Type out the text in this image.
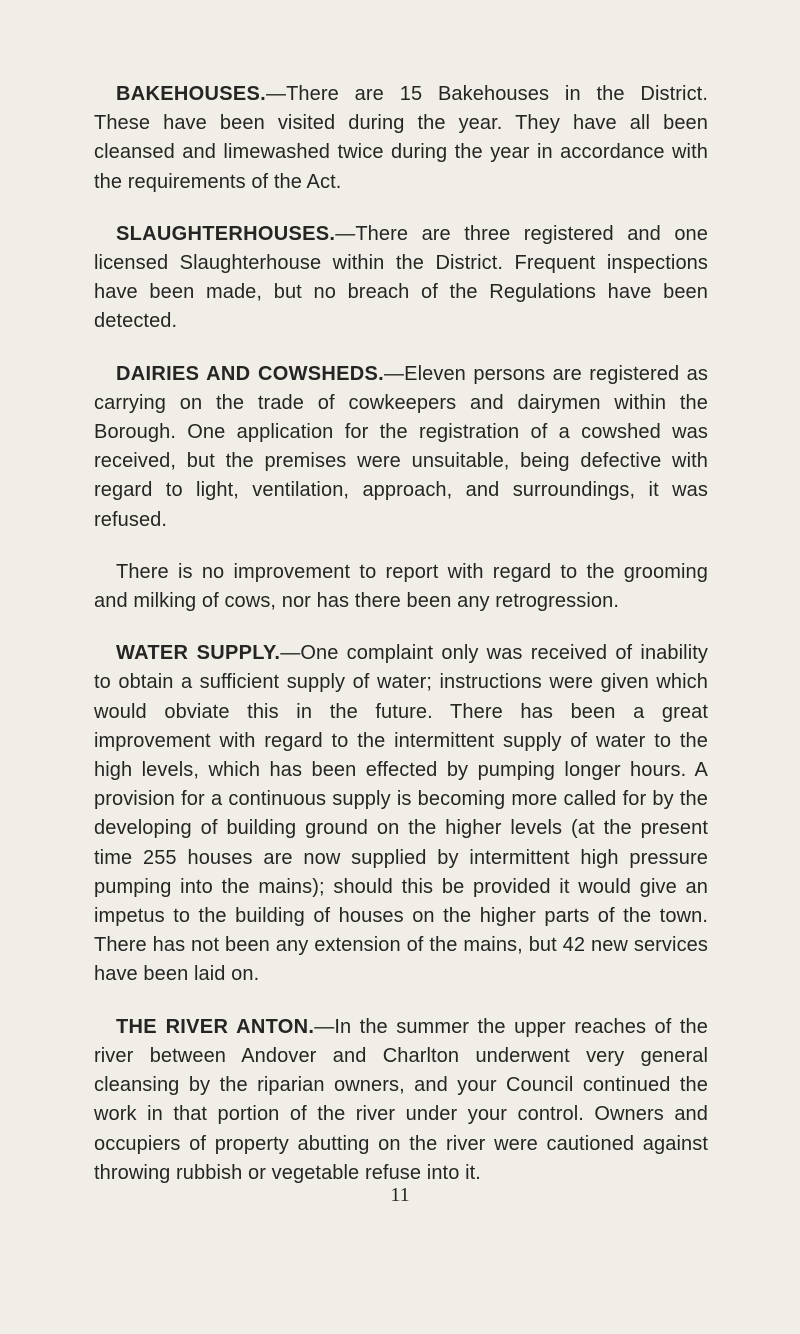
BAKEHOUSES.—There are 15 Bakehouses in the District. These have been visited during the year. They have all been cleansed and limewashed twice during the year in accordance with the requirements of the Act.

SLAUGHTERHOUSES.—There are three registered and one licensed Slaughterhouse within the District. Frequent inspections have been made, but no breach of the Regulations have been detected.

DAIRIES AND COWSHEDS.—Eleven persons are registered as carrying on the trade of cowkeepers and dairymen within the Borough. One application for the registration of a cowshed was received, but the premises were unsuitable, being defective with regard to light, ventilation, approach, and surroundings, it was refused.

There is no improvement to report with regard to the grooming and milking of cows, nor has there been any retrogression.

WATER SUPPLY.—One complaint only was received of inability to obtain a sufficient supply of water; instructions were given which would obviate this in the future. There has been a great improvement with regard to the intermittent supply of water to the high levels, which has been effected by pumping longer hours. A provision for a continuous supply is becoming more called for by the developing of building ground on the higher levels (at the present time 255 houses are now supplied by intermittent high pressure pumping into the mains); should this be provided it would give an impetus to the building of houses on the higher parts of the town. There has not been any extension of the mains, but 42 new services have been laid on.

THE RIVER ANTON.—In the summer the upper reaches of the river between Andover and Charlton underwent very general cleansing by the riparian owners, and your Council continued the work in that portion of the river under your control. Owners and occupiers of property abutting on the river were cautioned against throwing rubbish or vegetable refuse into it.

11
